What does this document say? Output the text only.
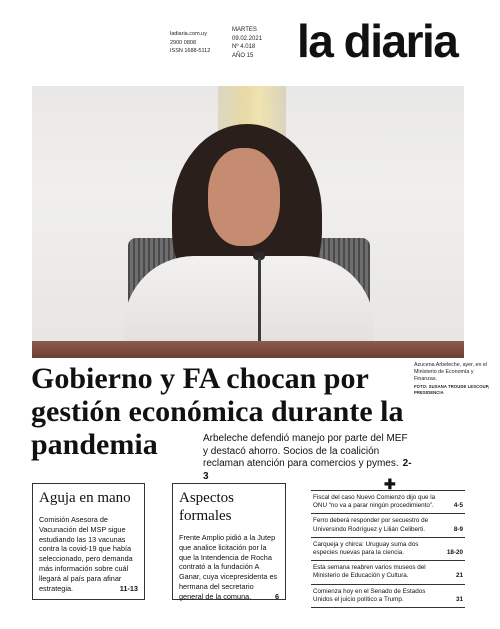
ladiaria.com.uy
2900 0808
ISSN 1688-5112
MARTES
09.02.2021
Nº 4.018
AÑO 15 la diaria
Azucena Arbeleche, ayer, en el Ministerio de Economía y Finanzas.
FOTO: SUSANA TROUDE LESCOUP, PRESIDENCIA
Gobierno y FA chocan por gestión económica durante la pandemia	Arbeleche defendió manejo por parte del MEF y destacó ahorro. Socios de la coalición reclaman atención para comercios y pymes. 2-3
Aguja en mano
Comisión Asesora de Vacunación del MSP sigue estudiando las 13 vacunas contra la covid-19 que había seleccionado, pero demanda más información sobre cuál llegará al país para afinar estrategia.	11-13
Aspectos formales
Frente Amplio pidió a la Jutep que analice licitación por la que la Intendencia de Rocha contrató a la fundación A Ganar, cuya vicepresidenta es hermana del secretario general de la comuna.	6
✚
Fiscal del caso Nuevo Comienzo dijo que la ONU “no va a parar ningún procedimiento”.	4-5
Ferro deberá responder por secuestro de Universindo Rodríguez y Lilián Celiberti.	8-9
Carqueja y chirca: Uruguay suma dos especies nuevas para la ciencia.	18-20
Esta semana reabren varios museos del Ministerio de Educación y Cultura.	21
Comienza hoy en el Senado de Estados Unidos el juicio político a Trump.	31
